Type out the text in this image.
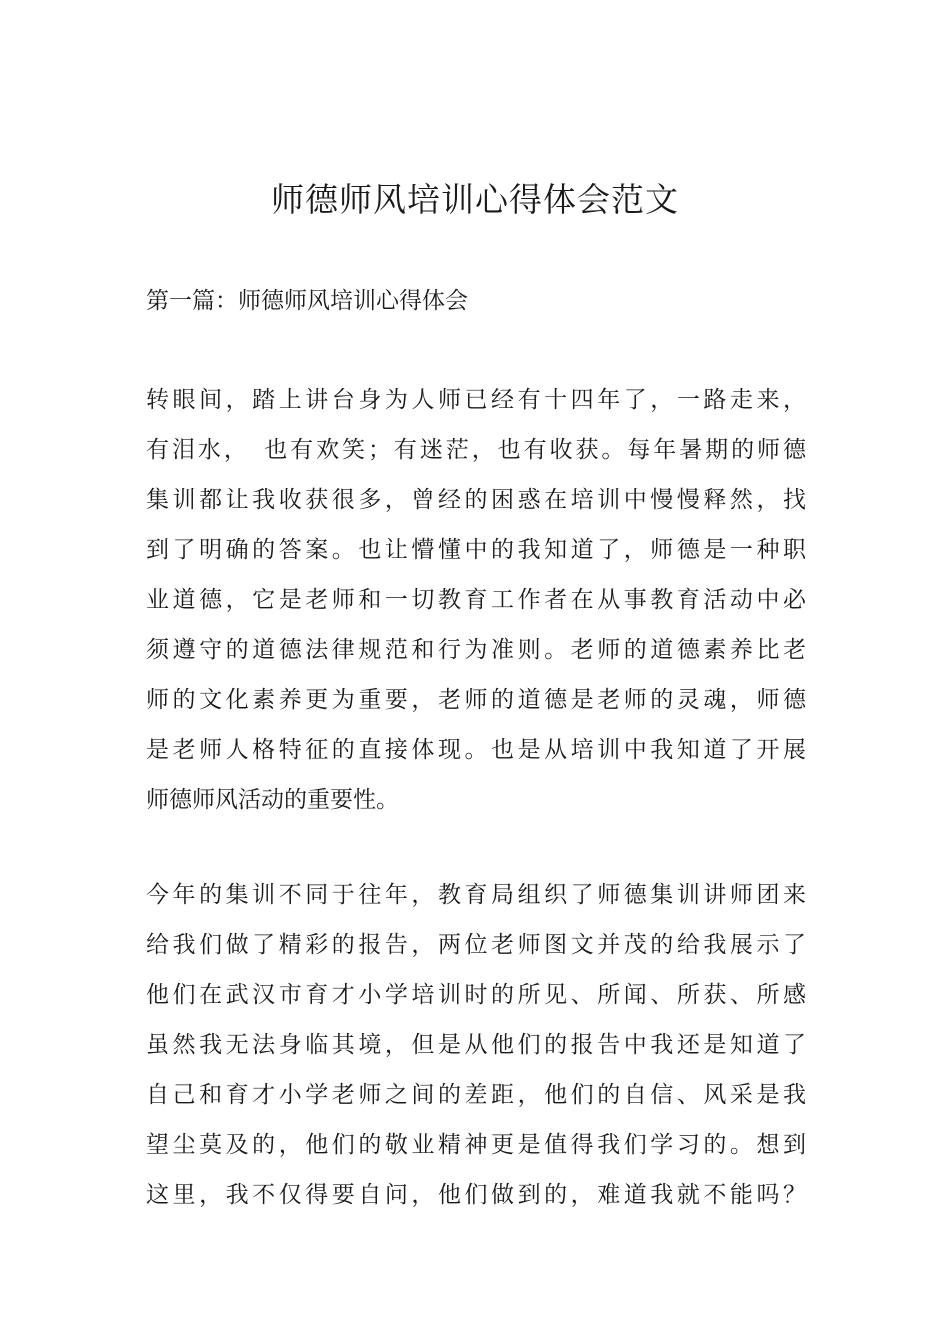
师德师风培训心得体会范文

第一篇：师德师风培训心得体会

转眼间，踏上讲台身为人师已经有十四年了，一路走来，
有泪水，　也有欢笑；有迷茫，也有收获。每年暑期的师德
集训都让我收获很多，曾经的困惑在培训中慢慢释然，找
到了明确的答案。也让懵懂中的我知道了，师德是一种职
业道德，它是老师和一切教育工作者在从事教育活动中必
须遵守的道德法律规范和行为准则。老师的道德素养比老
师的文化素养更为重要，老师的道德是老师的灵魂，师德
是老师人格特征的直接体现。也是从培训中我知道了开展
师德师风活动的重要性。
今年的集训不同于往年，教育局组织了师德集训讲师团来
给我们做了精彩的报告，两位老师图文并茂的给我展示了
他们在武汉市育才小学培训时的所见、所闻、所获、所感
虽然我无法身临其境，但是从他们的报告中我还是知道了
自己和育才小学老师之间的差距，他们的自信、风采是我
望尘莫及的，他们的敬业精神更是值得我们学习的。想到
这里，我不仅得要自问，他们做到的，难道我就不能吗？
